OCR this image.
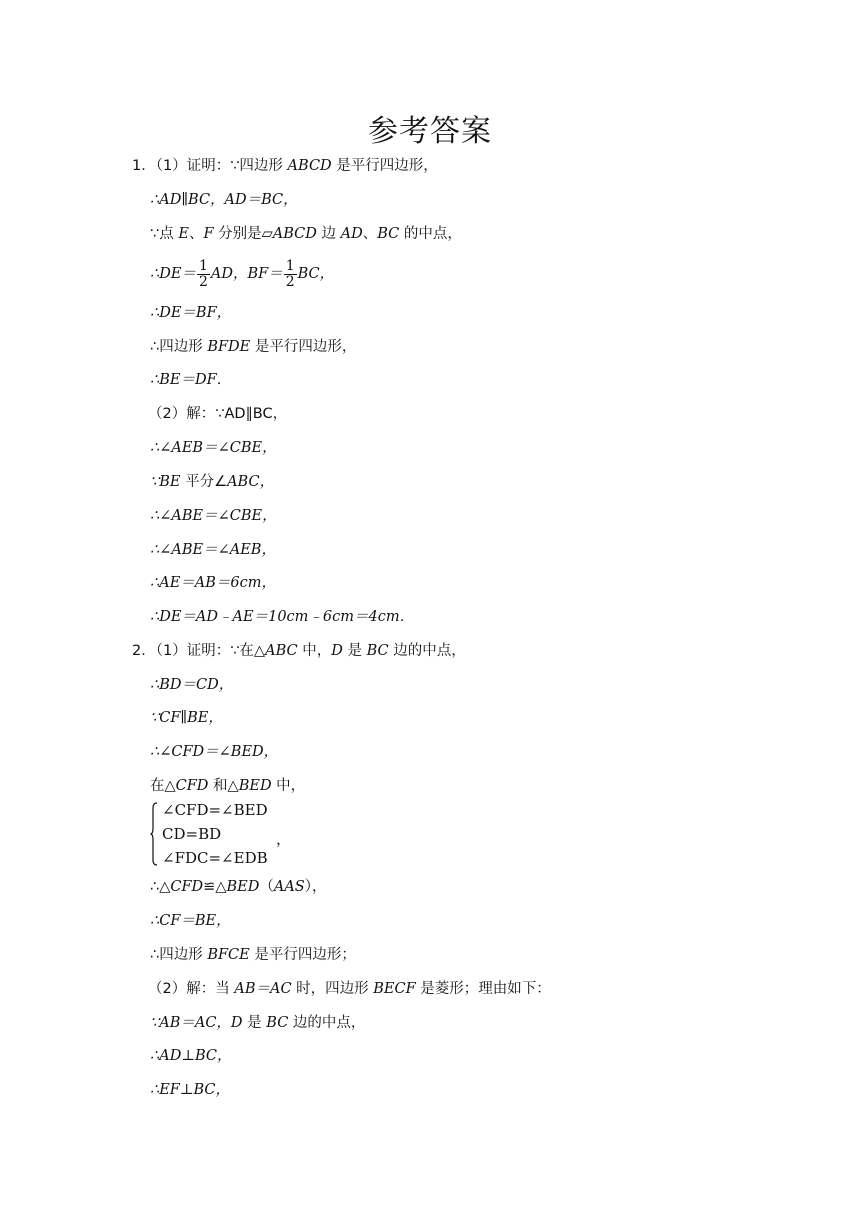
参考答案
1．（1）证明：∵四边形 ABCD 是平行四边形，
∴AD∥BC，AD＝BC，
∵点 E、F 分别是▱ABCD 边 AD、BC 的中点，
∴DE＝ $\frac{1}{2}$ AD，$BF= \frac{1}{2}$ BC，
∴DE＝BF，
∴四边形 BFDE 是平行四边形，
∴BE＝DF．
（2）解：∵AD∥BC，
∴∠AEB＝∠CBE，
∵BE 平分∠ABC，
∴∠ABE＝∠CBE，
∴∠ABE＝∠AEB，
∴AE＝AB＝6cm，
∴DE＝AD﹣AE＝10cm﹣6cm＝4cm．
2．（1）证明：∵在△ABC 中，D 是 BC 边的中点，
∴BD＝CD，
∵CF∥BE，
∴∠CFD＝∠BED，
在△CFD 和△BED 中，
∠CFD=∠BED
CD=BD
∠FDC=∠EDB
，
∴△CFD≌△BED（AAS），
∴CF＝BE，
∴四边形 BFCE 是平行四边形；
（2）解：当 AB＝AC 时，四边形 BECF 是菱形；理由如下：
∵AB＝AC，D 是 BC 边的中点，
∴AD⊥BC，
∴EF⊥BC，
